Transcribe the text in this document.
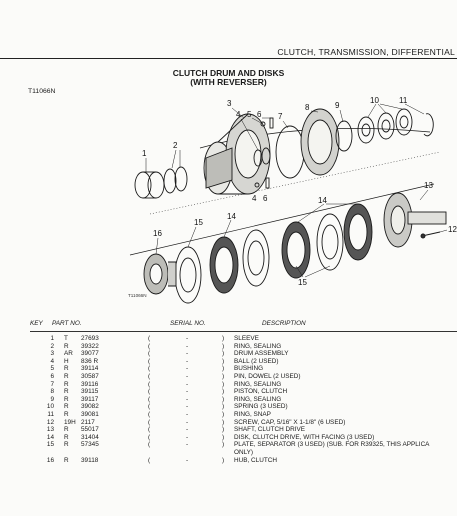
CLUTCH, TRANSMISSION, DIFFERENTIAL
CLUTCH DRUM AND DISKS
(WITH REVERSER)
T11066N
1
2
3
4 5 6 7
8	9
10	11
4 6
13
12
14
14
15
15
16
T11066N
KEY PART NO.	SERIAL NO.	DESCRIPTION
1 T 27693	(	-	) SLEEVE
2 R 39322	(	-	) RING, SEALING
3 AR 39077	(	-	) DRUM ASSEMBLY
4 H 836 R	(	-	) BALL (2 USED)
5 R 39114	(	-	) BUSHING
6 R 30587	(	-	) PIN, DOWEL (2 USED)
7 R 39116	(	-	) RING, SEALING
8 R 39115	(	-	) PISTON, CLUTCH
9 R 39117	(	-	) RING, SEALING
10 R 39082	(	-	) SPRING (3 USED)
11 R 39081	(	-	) RING, SNAP
12 19H 2117	(	-	) SCREW, CAP, 5/16" X 1-1/8" (6 USED)
13 R 55017	(	-	) SHAFT, CLUTCH DRIVE
14 R 31404	(	-	) DISK, CLUTCH DRIVE, WITH FACING (3 USED)
15 R 57345	(	-	) PLATE, SEPARATOR (3 USED) (SUB. FOR R39325, THIS APPLICA
ONLY)
16 R 39118	(	-	) HUB, CLUTCH
